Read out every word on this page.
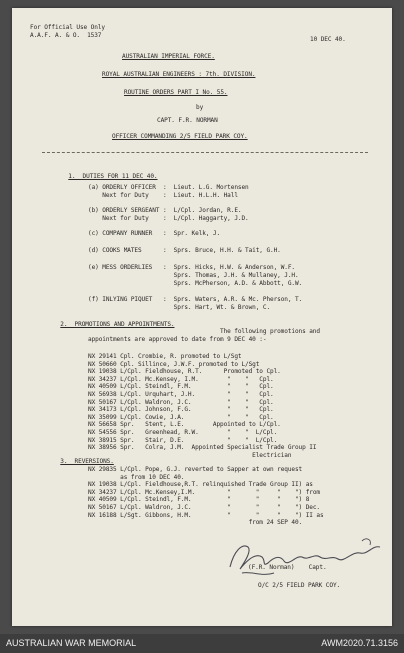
For Official Use Only
A.A.F. A. & O.  1537
10 DEC 40.
AUSTRALIAN IMPERIAL FORCE.
ROYAL AUSTRALIAN ENGINEERS : 7th. DIVISION.
ROUTINE ORDERS PART I No. 55.
by
CAPT. F.R. NORMAN
OFFICER COMMANDING 2/5 FIELD PARK COY.

1.  DUTIES FOR 11 DEC 40.

(a) ORDERLY OFFICER  :  Lieut. L.G. Mortensen
Next for Duty    :  Lieut. H.L.H. Hall
(b) ORDERLY SERGEANT :  L/Cpl. Jordan, R.E.
Next for Duty    :  L/Cpl. Haggarty, J.D.
(c) COMPANY RUNNER   :  Spr. Kelk, J.
(d) COOKS MATES      :  Sprs. Bruce, H.H. & Tait, G.H.
(e) MESS ORDERLIES   :  Sprs. Hicks, H.W. & Anderson, W.F.
Sprs. Thomas, J.H. & Mullaney, J.H.
Sprs. McPherson, A.D. & Abbott, G.W.
(f) INLYING PIQUET   :  Sprs. Waters, A.R. & Mc. Pherson, T.
Sprs. Hart, Wt. & Brown, C.

2.  PROMOTIONS AND APPOINTMENTS.

The following promotions and
appointments are approved to date from 9 DEC 40 :-
NX 29141 Cpl. Crombie, R. promoted to L/Sgt
NX 50660 Cpl. Sillince, J.W.F. promoted to L/Sgt
NX 19038 L/Cpl. Fieldhouse, R.T.      Promoted to Cpl.
NX 34237 L/Cpl. Mc.Kensey, I.M.        "    "   Cpl.
NX 40509 L/Cpl. Steindl, F.M.          "    "   Cpl.
NX 56938 L/Cpl. Urquhart, J.H.         "    "   Cpl.
NX 50167 L/Cpl. Waldron, J.C.          "    "   Cpl.
NX 34173 L/Cpl. Johnson, F.G.          "    "   Cpl.
NX 35099 L/Cpl. Cowie, J.A.            "    "   Cpl.
NX 56658 Spr.   Stent, L.E.        Appointed to L/Cpl.
NX 54556 Spr.   Greenhead, R.W.        "    "  L/Cpl.
NX 38915 Spr.   Stair, D.E.            "    "  L/Cpl.
NX 38956 Spr.   Colra, J.M.  Appointed Specialist Trade Group II
Electrician

3.  REVERSIONS.

NX 29835 L/Cpl. Pope, G.J. reverted to Sapper at own request
as from 10 DEC 40.
NX 19038 L/Cpl. Fieldhouse,R.T. relinquished Trade Group II) as
NX 34237 L/Cpl. Mc.Kensey,I.M.         "       "     "    ") from
NX 40509 L/Cpl. Steindl, F.M.          "       "     "    ") 8
NX 50167 L/Cpl. Waldron, J.C.          "       "     "    ") Dec.
NX 16188 L/Sgt. Gibbons, H.M.          "       "     "    ") II as
from 24 SEP 40.
(F.R. Norman)    Capt.
O/C 2/5 FIELD PARK COY.
AUSTRALIAN WAR MEMORIAL	AWM2020.71.3156
